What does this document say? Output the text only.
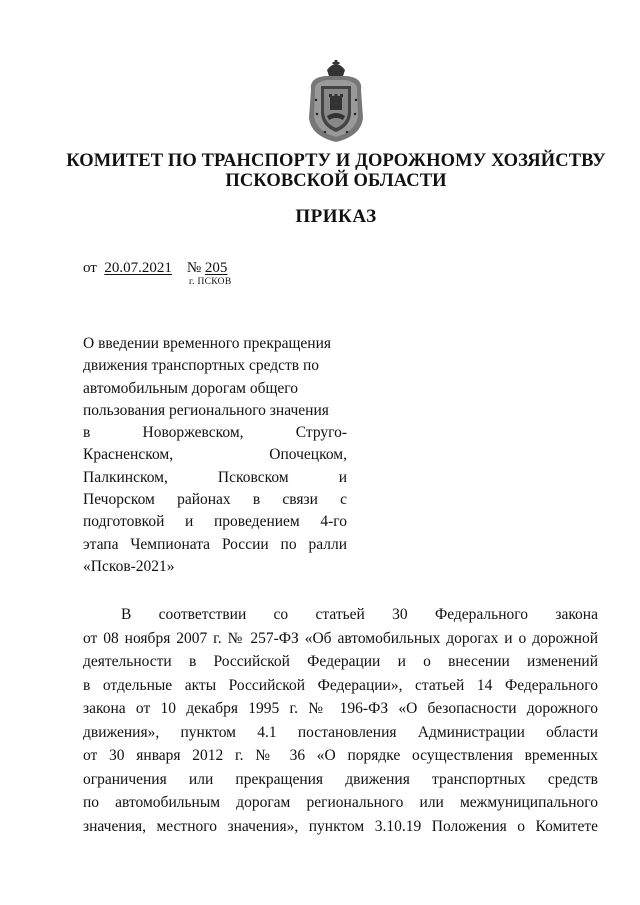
КОМИТЕТ ПО ТРАНСПОРТУ И ДОРОЖНОМУ ХОЗЯЙСТВУ
ПСКОВСКОЙ ОБЛАСТИ
ПРИКАЗ
от 20.07.2021 № 205
г. ПСКОВ
О введении временного прекращения
движения транспортных средств по
автомобильным дорогам общего
пользования регионального значения
в Новоржевском, Струго-
Красненском, Опочецком,
Палкинском, Псковском и
Печорском районах в связи с
подготовкой и проведением 4-го
этапа Чемпионата России по ралли
«Псков-2021»
В соответствии со статьей 30 Федерального закона
от 08 ноября 2007 г. № 257-ФЗ «Об автомобильных дорогах и о дорожной
деятельности в Российской Федерации и о внесении изменений
в отдельные акты Российской Федерации», статьей 14 Федерального
закона от 10 декабря 1995 г. № 196-ФЗ «О безопасности дорожного
движения», пунктом 4.1 постановления Администрации области
от 30 января 2012 г. № 36 «О порядке осуществления временных
ограничения или прекращения движения транспортных средств
по автомобильным дорогам регионального или межмуниципального
значения, местного значения», пунктом 3.10.19 Положения о Комитете
